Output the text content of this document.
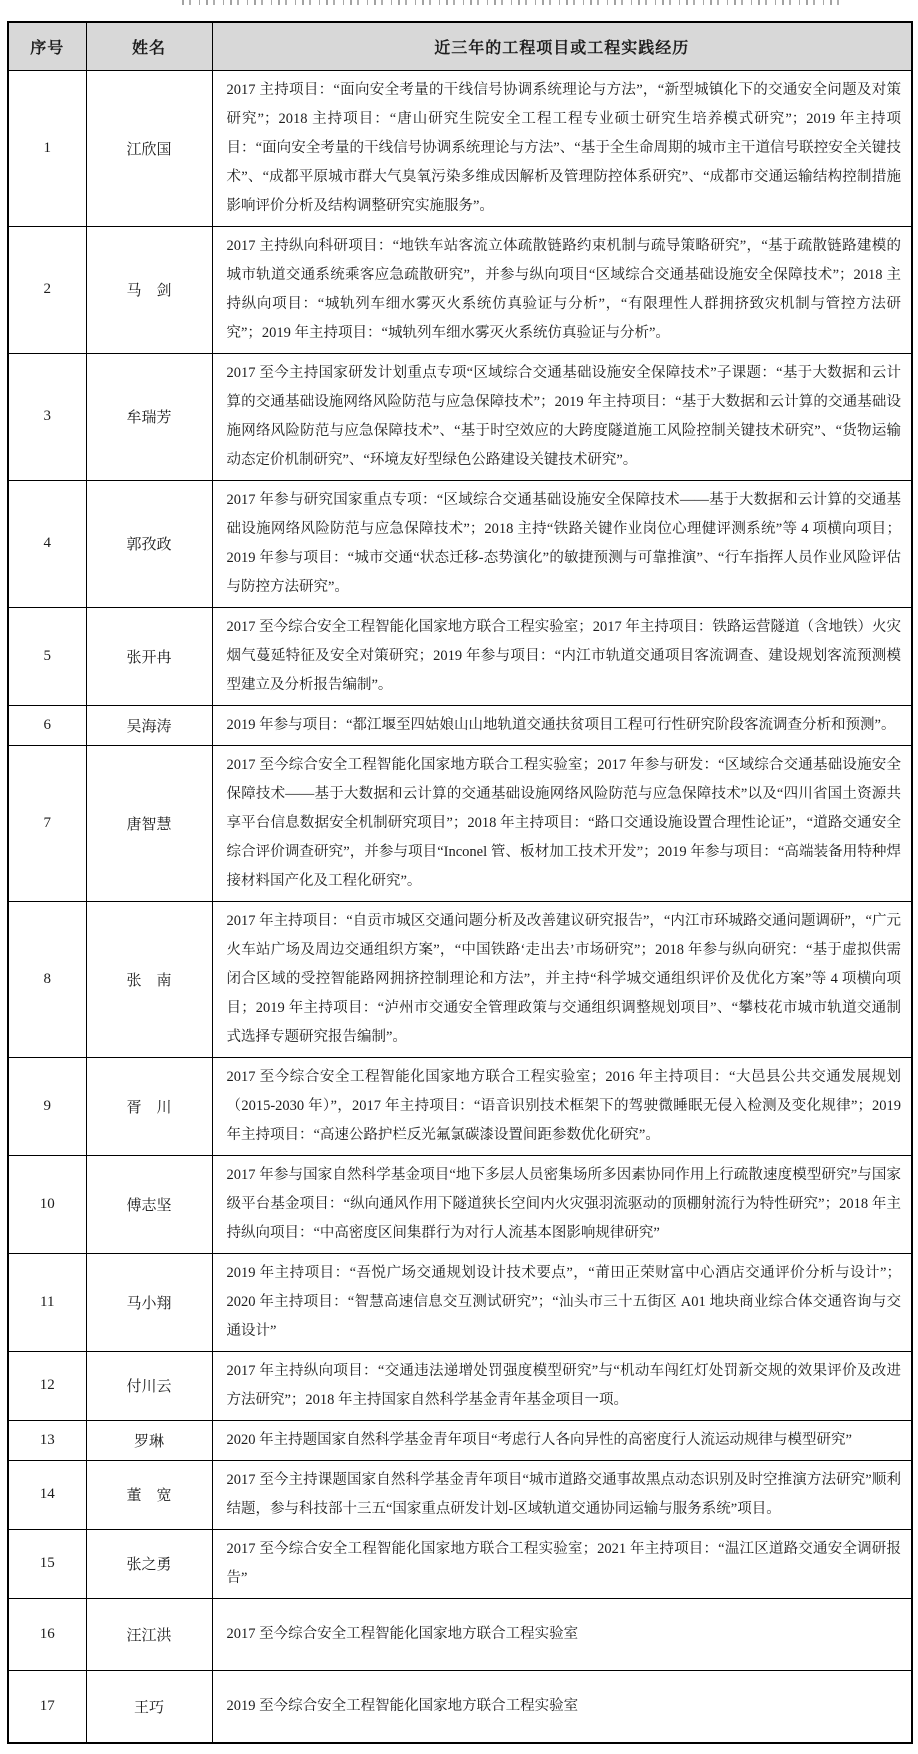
序号	姓名	近三年的工程项目或工程实践经历
1	江欣国	2017 主持项目：“面向安全考量的干线信号协调系统理论与方法”，“新型城镇化下的交通安全问题及对策研究”；2018 主持项目：“唐山研究生院安全工程工程专业硕士研究生培养模式研究”；2019 年主持项目：“面向安全考量的干线信号协调系统理论与方法”、“基于全生命周期的城市主干道信号联控安全关键技术”、“成都平原城市群大气臭氧污染多维成因解析及管理防控体系研究”、“成都市交通运输结构控制措施影响评价分析及结构调整研究实施服务”。
2	马　剑	2017 主持纵向科研项目：“地铁车站客流立体疏散链路约束机制与疏导策略研究”，“基于疏散链路建模的城市轨道交通系统乘客应急疏散研究”，并参与纵向项目“区域综合交通基础设施安全保障技术”；2018 主持纵向项目：“城轨列车细水雾灭火系统仿真验证与分析”，“有限理性人群拥挤致灾机制与管控方法研究”；2019 年主持项目：“城轨列车细水雾灭火系统仿真验证与分析”。
3	牟瑞芳	2017 至今主持国家研发计划重点专项“区域综合交通基础设施安全保障技术”子课题：“基于大数据和云计算的交通基础设施网络风险防范与应急保障技术”；2019 年主持项目：“基于大数据和云计算的交通基础设施网络风险防范与应急保障技术”、“基于时空效应的大跨度隧道施工风险控制关键技术研究”、“货物运输动态定价机制研究”、“环境友好型绿色公路建设关键技术研究”。
4	郭孜政	2017 年参与研究国家重点专项：“区域综合交通基础设施安全保障技术——基于大数据和云计算的交通基础设施网络风险防范与应急保障技术”；2018 主持“铁路关键作业岗位心理健评测系统”等 4 项横向项目；2019 年参与项目：“城市交通“状态迁移-态势演化”的敏捷预测与可靠推演”、“行车指挥人员作业风险评估与防控方法研究”。
5	张开冉	2017 至今综合安全工程智能化国家地方联合工程实验室；2017 年主持项目：铁路运营隧道（含地铁）火灾烟气蔓延特征及安全对策研究；2019 年参与项目：“内江市轨道交通项目客流调查、建设规划客流预测模型建立及分析报告编制”。
6	吴海涛	2019 年参与项目：“都江堰至四姑娘山山地轨道交通扶贫项目工程可行性研究阶段客流调查分析和预测”。
7	唐智慧	2017 至今综合安全工程智能化国家地方联合工程实验室；2017 年参与研发：“区域综合交通基础设施安全保障技术——基于大数据和云计算的交通基础设施网络风险防范与应急保障技术”以及“四川省国土资源共享平台信息数据安全机制研究项目”；2018 年主持项目：“路口交通设施设置合理性论证”，“道路交通安全综合评价调查研究”，并参与项目“Inconel 管、板材加工技术开发”；2019 年参与项目：“高端装备用特种焊接材料国产化及工程化研究”。
8	张　南	2017 年主持项目：“自贡市城区交通问题分析及改善建议研究报告”，“内江市环城路交通问题调研”，“广元火车站广场及周边交通组织方案”，“中国铁路‘走出去’市场研究”；2018 年参与纵向研究：“基于虚拟供需闭合区域的受控智能路网拥挤控制理论和方法”，并主持“科学城交通组织评价及优化方案”等 4 项横向项目；2019 年主持项目：“泸州市交通安全管理政策与交通组织调整规划项目”、“攀枝花市城市轨道交通制式选择专题研究报告编制”。
9	胥　川	2017 至今综合安全工程智能化国家地方联合工程实验室；2016 年主持项目：“大邑县公共交通发展规划（2015-2030 年）”，2017 年主持项目：“语音识别技术框架下的驾驶微睡眠无侵入检测及变化规律”；2019 年主持项目：“高速公路护栏反光氟氯碳漆设置间距参数优化研究”。
10	傅志坚	2017 年参与国家自然科学基金项目“地下多层人员密集场所多因素协同作用上行疏散速度模型研究”与国家级平台基金项目：“纵向通风作用下隧道狭长空间内火灾强羽流驱动的顶棚射流行为特性研究”；2018 年主持纵向项目：“中高密度区间集群行为对行人流基本图影响规律研究”
11	马小翔	2019 年主持项目：“吾悦广场交通规划设计技术要点”，“莆田正荣财富中心酒店交通评价分析与设计”；2020 年主持项目：“智慧高速信息交互测试研究”；“汕头市三十五街区 A01 地块商业综合体交通咨询与交通设计”
12	付川云	2017 年主持纵向项目：“交通违法递增处罚强度模型研究”与“机动车闯红灯处罚新交规的效果评价及改进方法研究”；2018 年主持国家自然科学基金青年基金项目一项。
13	罗琳	2020 年主持题国家自然科学基金青年项目“考虑行人各向异性的高密度行人流运动规律与模型研究”
14	董　宽	2017 至今主持课题国家自然科学基金青年项目“城市道路交通事故黑点动态识别及时空推演方法研究”顺利结题，参与科技部十三五“国家重点研发计划-区域轨道交通协同运输与服务系统”项目。
15	张之勇	2017 至今综合安全工程智能化国家地方联合工程实验室；2021 年主持项目：“温江区道路交通安全调研报告”
16	汪江洪	2017 至今综合安全工程智能化国家地方联合工程实验室
17	王巧	2019 至今综合安全工程智能化国家地方联合工程实验室
